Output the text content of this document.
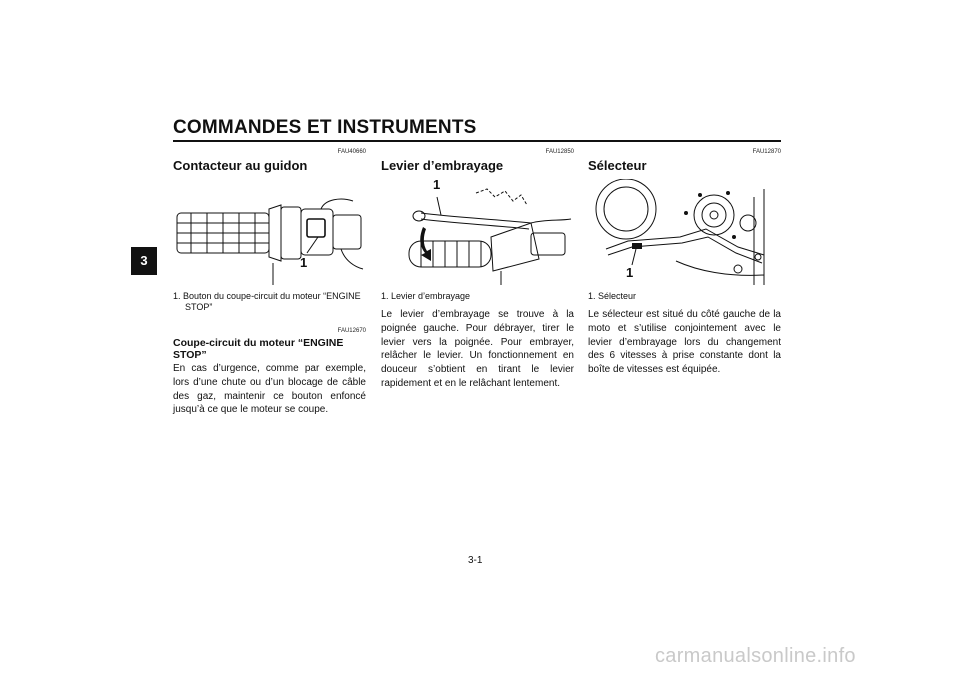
COMMANDES ET INSTRUMENTS
3
FAU40660
Contacteur au guidon
1
1. Bouton du coupe-circuit du moteur “ENGINE STOP”
FAU12670
Coupe-circuit du moteur “ENGINE STOP”
En cas d’urgence, comme par exemple, lors d’une chute ou d’un blocage de câble des gaz, maintenir ce bouton enfoncé jusqu’à ce que le moteur se coupe.
FAU12850
Levier d’embrayage
1
1. Levier d’embrayage
Le levier d’embrayage se trouve à la poignée gauche. Pour débrayer, tirer le levier vers la poignée. Pour embrayer, relâcher le levier. Un fonctionnement en douceur s’obtient en tirant le levier rapidement et en le relâchant lentement.
FAU12870
Sélecteur
1
1. Sélecteur
Le sélecteur est situé du côté gauche de la moto et s’utilise conjointement avec le levier d’embrayage lors du changement des 6 vitesses à prise constante dont la boîte de vitesses est équipée.
3-1
carmanualsonline.info
